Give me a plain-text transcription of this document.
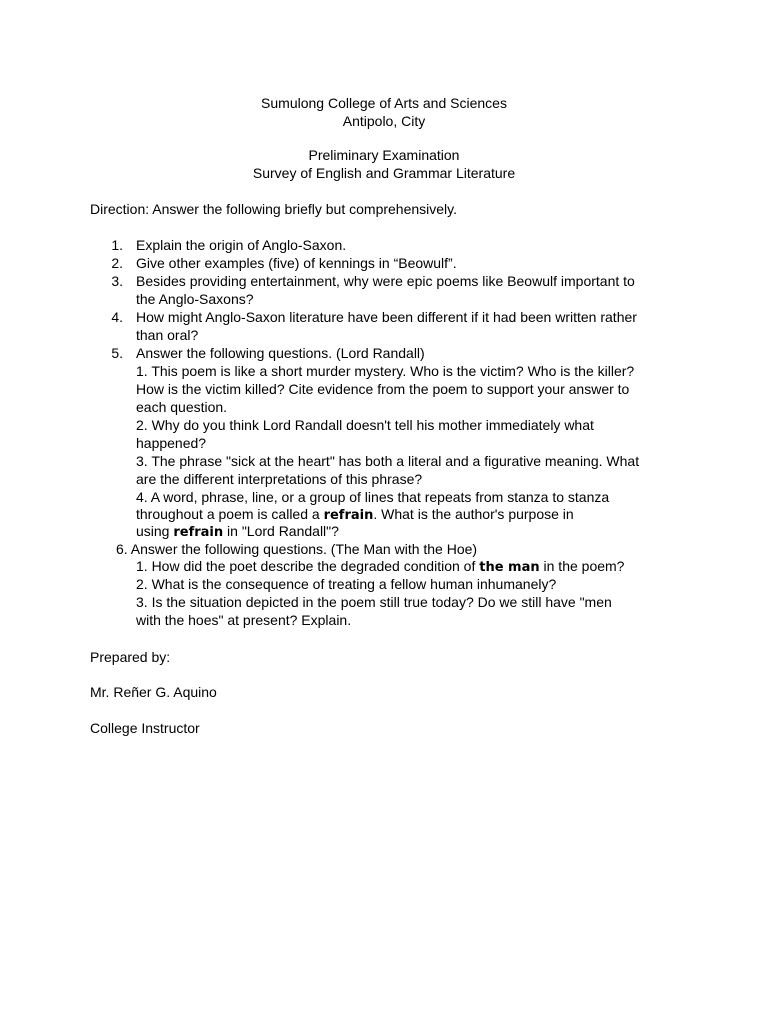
Sumulong College of Arts and Sciences
Antipolo, City
Preliminary Examination
Survey of English and Grammar Literature
Direction: Answer the following briefly but comprehensively.
1. Explain the origin of Anglo-Saxon.
2. Give other examples (five) of kennings in “Beowulf”.
3. Besides providing entertainment, why were epic poems like Beowulf important to
the Anglo-Saxons?
4. How might Anglo-Saxon literature have been different if it had been written rather
than oral?
5. Answer the following questions. (Lord Randall)
1. This poem is like a short murder mystery. Who is the victim? Who is the killer?
How is the victim killed? Cite evidence from the poem to support your answer to
each question.
2. Why do you think Lord Randall doesn't tell his mother immediately what
happened?
3. The phrase "sick at the heart" has both a literal and a figurative meaning. What
are the different interpretations of this phrase?
4. A word, phrase, line, or a group of lines that repeats from stanza to stanza
throughout a poem is called a refrain. What is the author's purpose in
using refrain in "Lord Randall"?
6. Answer the following questions. (The Man with the Hoe)
1. How did the poet describe the degraded condition of the man in the poem?
2. What is the consequence of treating a fellow human inhumanely?
3. Is the situation depicted in the poem still true today? Do we still have "men
with the hoes" at present? Explain.
Prepared by:
Mr. Reñer G. Aquino
College Instructor
